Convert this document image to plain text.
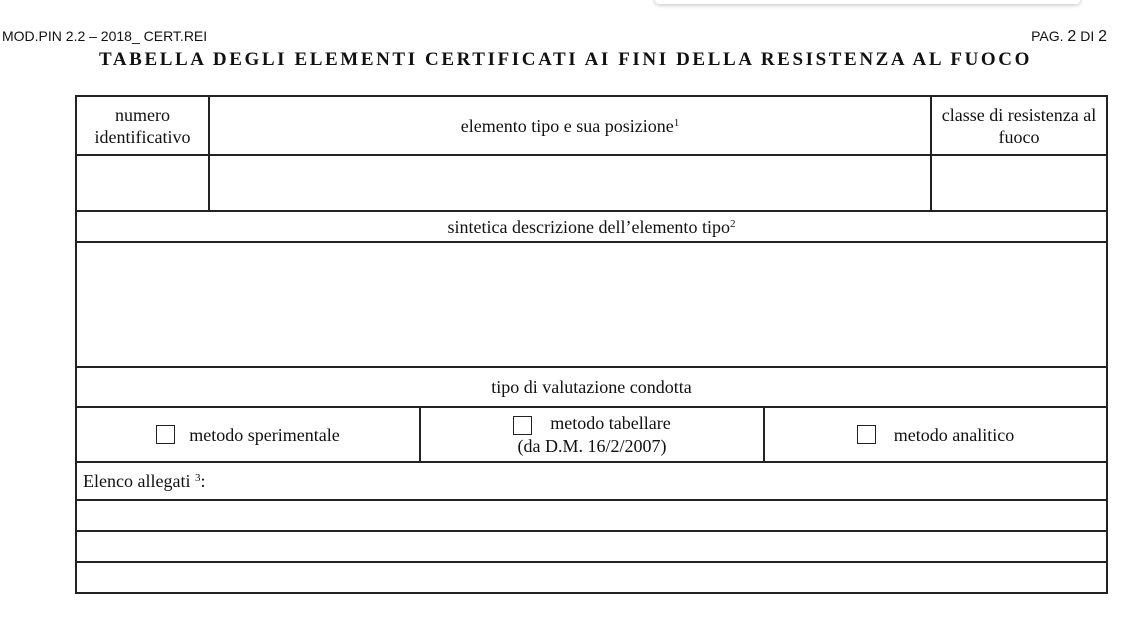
MOD.PIN 2.2 – 2018_ CERT.REI	PAG. 2 DI 2
TABELLA DEGLI ELEMENTI CERTIFICATI AI FINI DELLA RESISTENZA AL FUOCO
numero identificativo
elemento tipo e sua posizione$^1$	classe di resistenza al fuoco
sintetica descrizione dell’elemento tipo$^2$
tipo di valutazione condotta
metodo sperimentale
metodo tabellare
(da D.M. 16/2/2007)
metodo analitico
Elenco allegati
$^3$ :
